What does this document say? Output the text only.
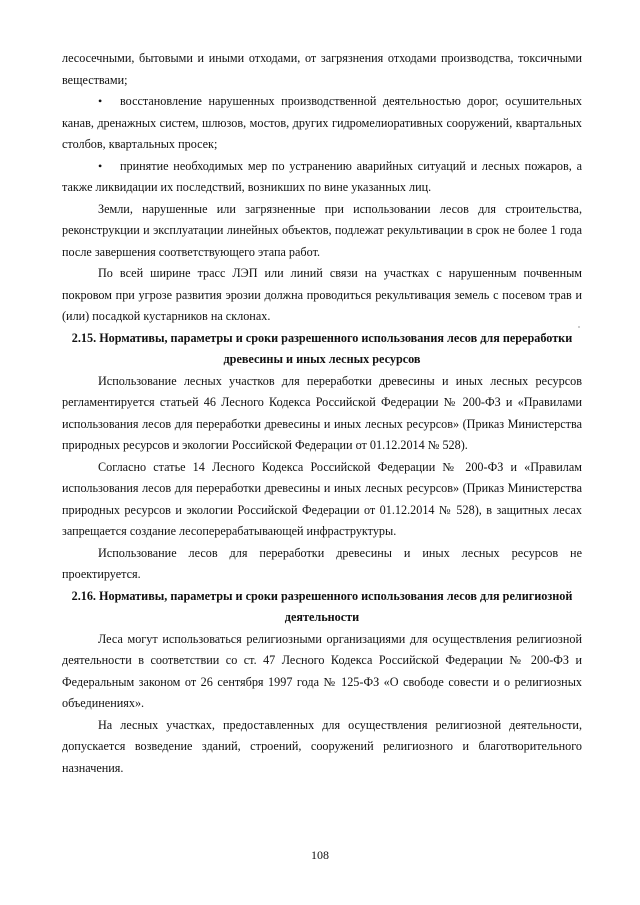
лесосечными, бытовыми и иными отходами, от загрязнения отходами производства, токсичными веществами;

• восстановление нарушенных производственной деятельностью дорог, осушительных канав, дренажных систем, шлюзов, мостов, других гидромелиоративных сооружений, квартальных столбов, квартальных просек;

• принятие необходимых мер по устранению аварийных ситуаций и лесных пожаров, а также ликвидации их последствий, возникших по вине указанных лиц.

Земли, нарушенные или загрязненные при использовании лесов для строительства, реконструкции и эксплуатации линейных объектов, подлежат рекультивации в срок не более 1 года после завершения соответствующего этапа работ.

По всей ширине трасс ЛЭП или линий связи на участках с нарушенным почвенным покровом при угрозе развития эрозии должна проводиться рекультивация земель с посевом трав и (или) посадкой кустарников на склонах.

2.15. Нормативы, параметры и сроки разрешенного использования лесов для переработки древесины и иных лесных ресурсов

Использование лесных участков для переработки древесины и иных лесных ресурсов регламентируется статьей 46 Лесного Кодекса Российской Федерации № 200-ФЗ и «Правилами использования лесов для переработки древесины и иных лесных ресурсов» (Приказ Министерства природных ресурсов и экологии Российской Федерации от 01.12.2014 № 528).

Согласно статье 14 Лесного Кодекса Российской Федерации № 200-ФЗ и «Правилам использования лесов для переработки древесины и иных лесных ресурсов» (Приказ Министерства природных ресурсов и экологии Российской Федерации от 01.12.2014 № 528), в защитных лесах запрещается создание лесоперерабатывающей инфраструктуры.

Использование лесов для переработки древесины и иных лесных ресурсов не проектируется.

2.16. Нормативы, параметры и сроки разрешенного использования лесов для религиозной деятельности

Леса могут использоваться религиозными организациями для осуществления религиозной деятельности в соответствии со ст. 47 Лесного Кодекса Российской Федерации № 200-ФЗ и Федеральным законом от 26 сентября 1997 года № 125-ФЗ «О свободе совести и о религиозных объединениях».

На лесных участках, предоставленных для осуществления религиозной деятельности, допускается возведение зданий, строений, сооружений религиозного и благотворительного назначения.

108
